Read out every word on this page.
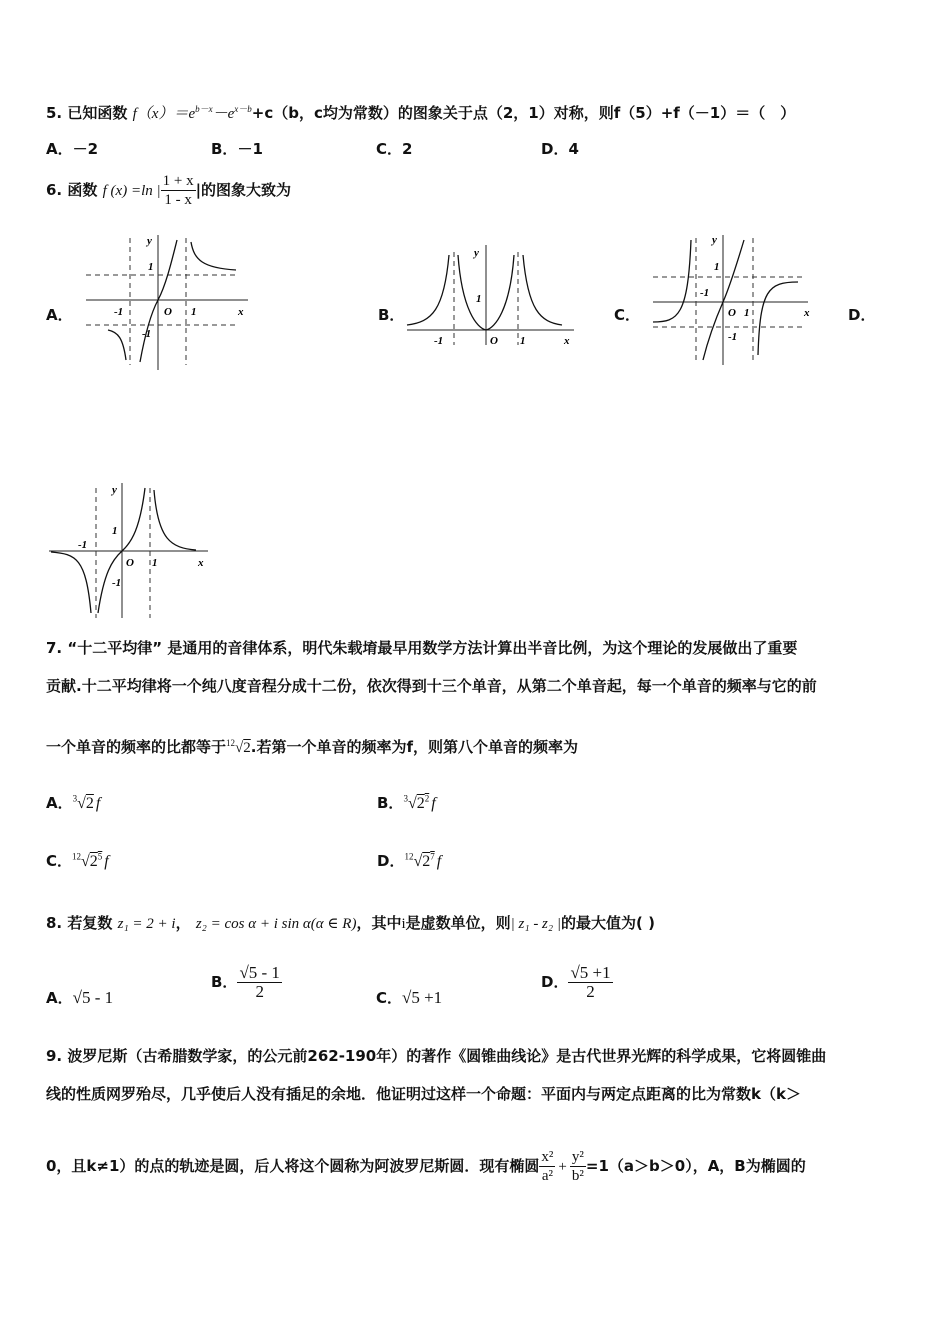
5. 已知函数 $f(x)=e^{b-x}-e^{x-b}+c(b$，c均为常数）的图象关于点（2，1）对称，则f（5）+f（－1）＝（　）
A．－2	B．－1	C．2	D．4
6. 函数 f (x) =ln | $\frac{1 + x}{1 - x}$ |的图象大致为
A．	B．	C．	D．
y
1
-1	O 1
-1
x
y
1
-1	O 1	x
y
1
-1
O 1
-1
x
y
1
-1
O 1
-1
x
7. “十二平均律” 是通用的音律体系，明代朱载堉最早用数学方法计算出半音比例，为这个理论的发展做出了重要
贡献.十二平均律将一个纯八度音程分成十二份，依次得到十三个单音，从第二个单音起，每一个单音的频率与它的前
一个单音的频率的比都等于$^{12}$√2.若第一个单音的频率为f，则第八个单音的频率为
A．$^3$√2 f	B．$^3√2^2$ f
C．$^{12}√2^5$ f	D．$^{12}√2^7$ f
8. 若复数 z₁ = 2 + i， z₂ = cos α + i sin α(α ∈ R)，其中i是虚数单位，则| z₁ - z₂ |的最大值为( )
A．√5 - 1
B． $\frac{√5 - 1}{2}$	C．√5 +1
D． $\frac{√5 +1}{2}$
9. 波罗尼斯（古希腊数学家，的公元前262-190年）的著作《圆锥曲线论》是古代世界光辉的科学成果，它将圆锥曲
线的性质网罗殆尽，几乎使后人没有插足的余地．他证明过这样一个命题：平面内与两定点距离的比为常数k（k＞
0，且k≠1）的点的轨迹是圆，后人将这个圆称为阿波罗尼斯圆．现有椭圆 $\frac{\text{x²}}{\text{a²}} + \frac{\text{y²}}{\text{b²}} =1(a>b>0)$，A，B为椭圆的
